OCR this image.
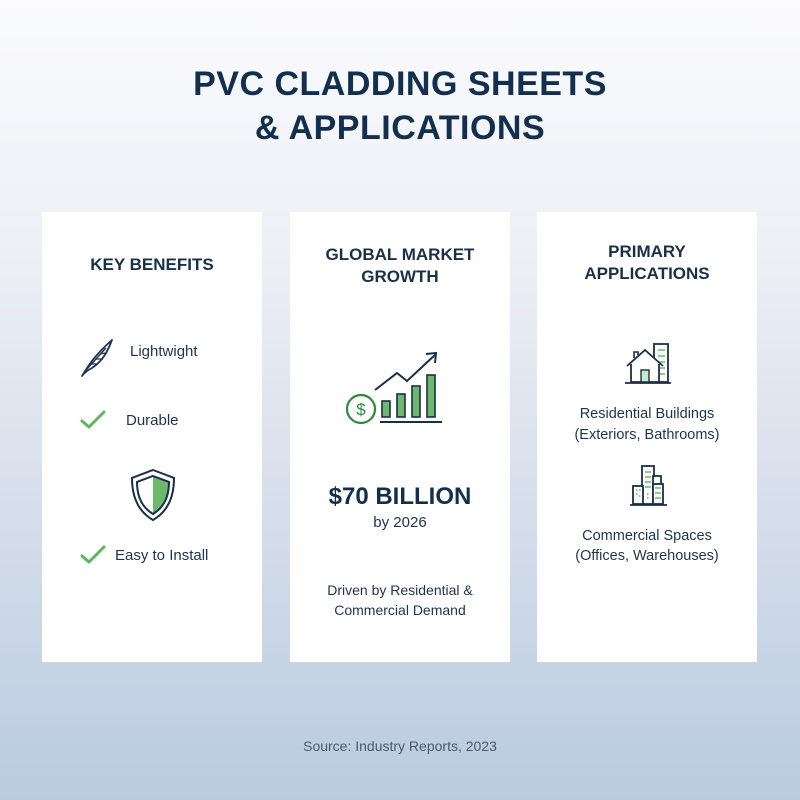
PVC CLADDING SHEETS
& APPLICATIONS
KEY BENEFITS
Lightwight
Durable
Easy to Install
GLOBAL MARKET
GROWTH
$
$70 BILLION
by 2026
Driven by Residential &
Commercial Demand
PRIMARY
APPLICATIONS
Residential Buildings
(Exteriors, Bathrooms)
Commercial Spaces
(Offices, Warehouses)
Source: Industry Reports, 2023
